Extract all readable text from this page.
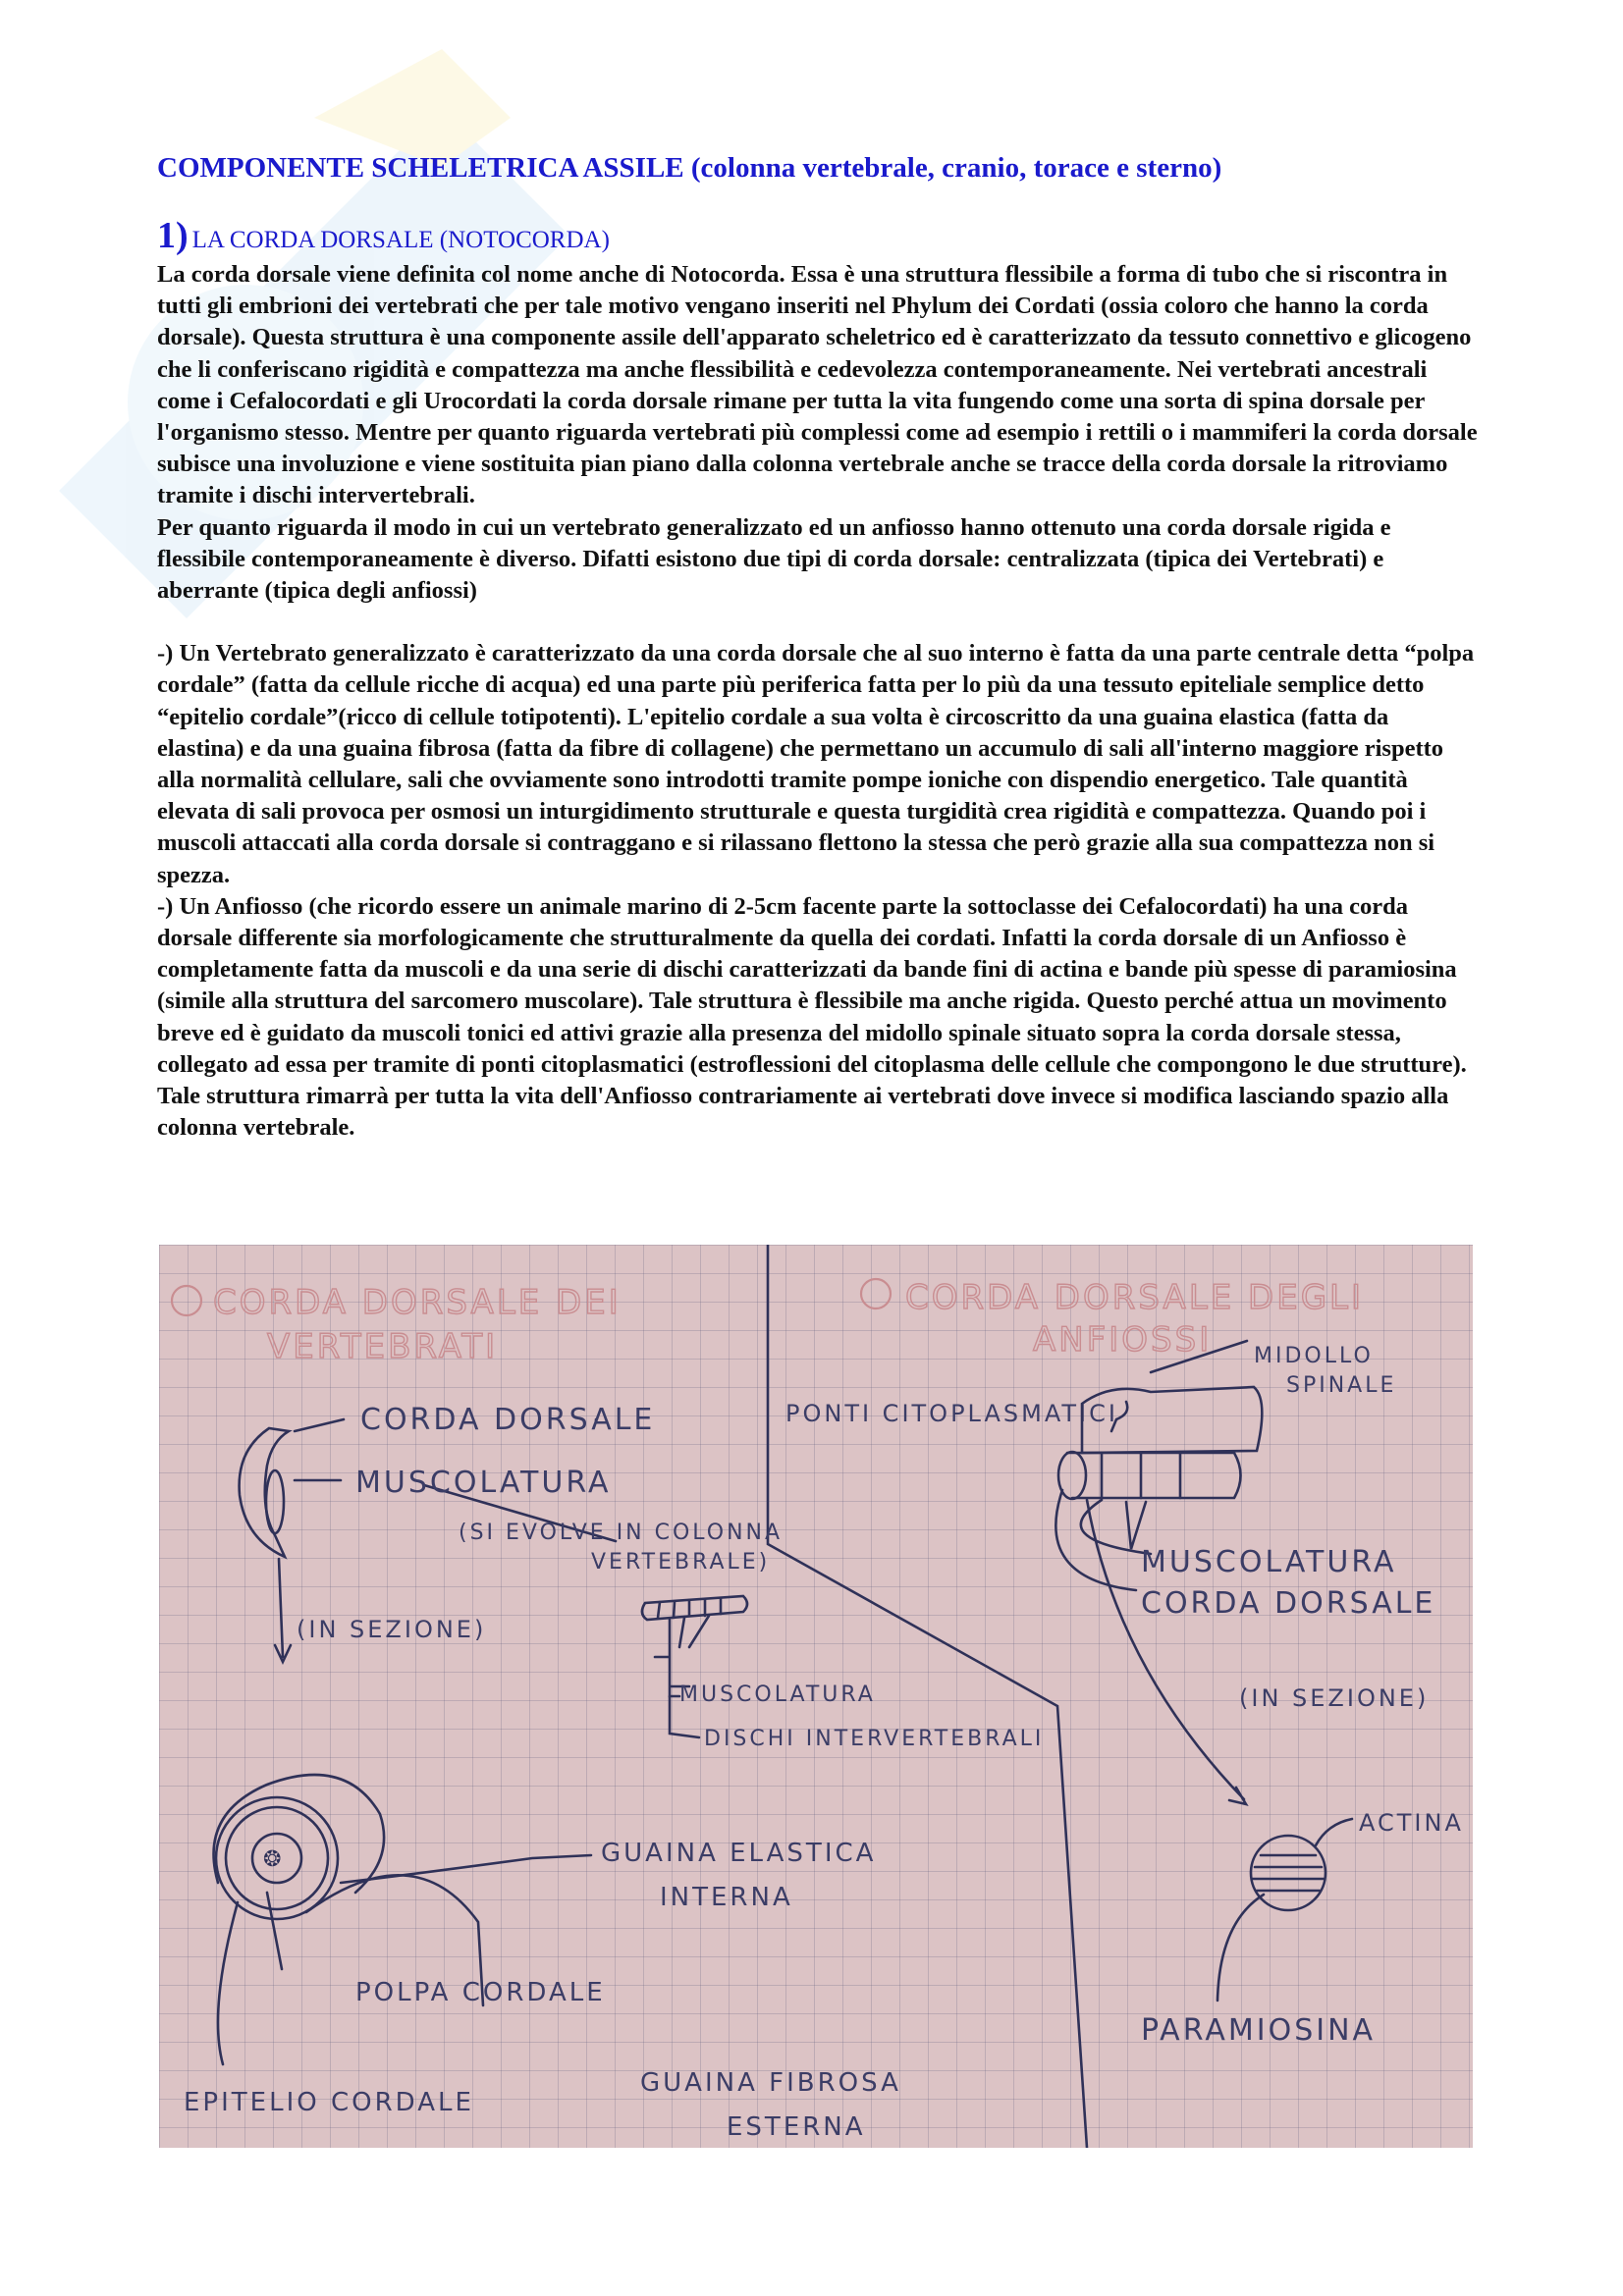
COMPONENTE SCHELETRICA ASSILE (colonna vertebrale, cranio, torace e sterno)
1) LA CORDA DORSALE (NOTOCORDA)

La corda dorsale viene definita col nome anche di Notocorda. Essa è una struttura flessibile a forma di tubo che si riscontra in tutti gli embrioni dei vertebrati che per tale motivo vengano inseriti nel Phylum dei Cordati (ossia coloro che hanno la corda dorsale). Questa struttura è una componente assile dell'apparato scheletrico ed è caratterizzato da tessuto connettivo e glicogeno che li conferiscano rigidità e compattezza ma anche flessibilità e cedevolezza contemporaneamente. Nei vertebrati ancestrali come i Cefalocordati e gli Urocordati la corda dorsale rimane per tutta la vita fungendo come una sorta di spina dorsale per l'organismo stesso. Mentre per quanto riguarda vertebrati più complessi come ad esempio i rettili o i mammiferi la corda dorsale subisce una involuzione e viene sostituita pian piano dalla colonna vertebrale anche se tracce della corda dorsale la ritroviamo tramite i dischi intervertebrali.

Per quanto riguarda il modo in cui un vertebrato generalizzato ed un anfiosso hanno ottenuto una corda dorsale rigida e flessibile contemporaneamente è diverso. Difatti esistono due tipi di corda dorsale: centralizzata (tipica dei Vertebrati) e aberrante (tipica degli anfiossi)

-) Un Vertebrato generalizzato è caratterizzato da una corda dorsale che al suo interno è fatta da una parte centrale detta “polpa cordale” (fatta da cellule ricche di acqua) ed una parte più periferica fatta per lo più da una tessuto epiteliale semplice detto “epitelio cordale”(ricco di cellule totipotenti). L'epitelio cordale a sua volta è circoscritto da una guaina elastica (fatta da elastina) e da una guaina fibrosa (fatta da fibre di collagene) che permettano un accumulo di sali all'interno maggiore rispetto alla normalità cellulare, sali che ovviamente sono introdotti tramite pompe ioniche con dispendio energetico. Tale quantità elevata di sali provoca per osmosi un inturgidimento strutturale e questa turgidità crea rigidità e compattezza. Quando poi i muscoli attaccati alla corda dorsale si contraggano e si rilassano flettono la stessa che però grazie alla sua compattezza non si spezza.

-) Un Anfiosso (che ricordo essere un animale marino di 2-5cm facente parte la sottoclasse dei Cefalocordati) ha una corda dorsale differente sia morfologicamente che strutturalmente da quella dei cordati. Infatti la corda dorsale di un Anfiosso è completamente fatta da muscoli e da una serie di dischi caratterizzati da bande fini di actina e bande più spesse di paramiosina (simile alla struttura del sarcomero muscolare). Tale struttura è flessibile ma anche rigida. Questo perché attua un movimento breve ed è guidato da muscoli tonici ed attivi grazie alla presenza del midollo spinale situato sopra la corda dorsale stessa, collegato ad essa per tramite di ponti citoplasmatici (estroflessioni del citoplasma delle cellule che compongono le due strutture).

Tale struttura rimarrà per tutta la vita dell'Anfiosso contrariamente ai vertebrati dove invece si modifica lasciando spazio alla colonna vertebrale.

CORDA DORSALE DEI
VERTEBRATI
CORDA DORSALE
MUSCOLATURA
(SI EVOLVE IN COLONNA
VERTEBRALE)
(IN SEZIONE)
MUSCOLATURA
DISCHI INTERVERTEBRALI
❂	GUAINA ELASTICA
INTERNA
POLPA CORDALE
EPITELIO CORDALE
GUAINA FIBROSA
ESTERNA
CORDA DORSALE DEGLI
ANFIOSSI
PONTI CITOPLASMATICI
MIDOLLO
SPINALE
MUSCOLATURA
CORDA DORSALE
(IN SEZIONE)
ACTINA
PARAMIOSINA
